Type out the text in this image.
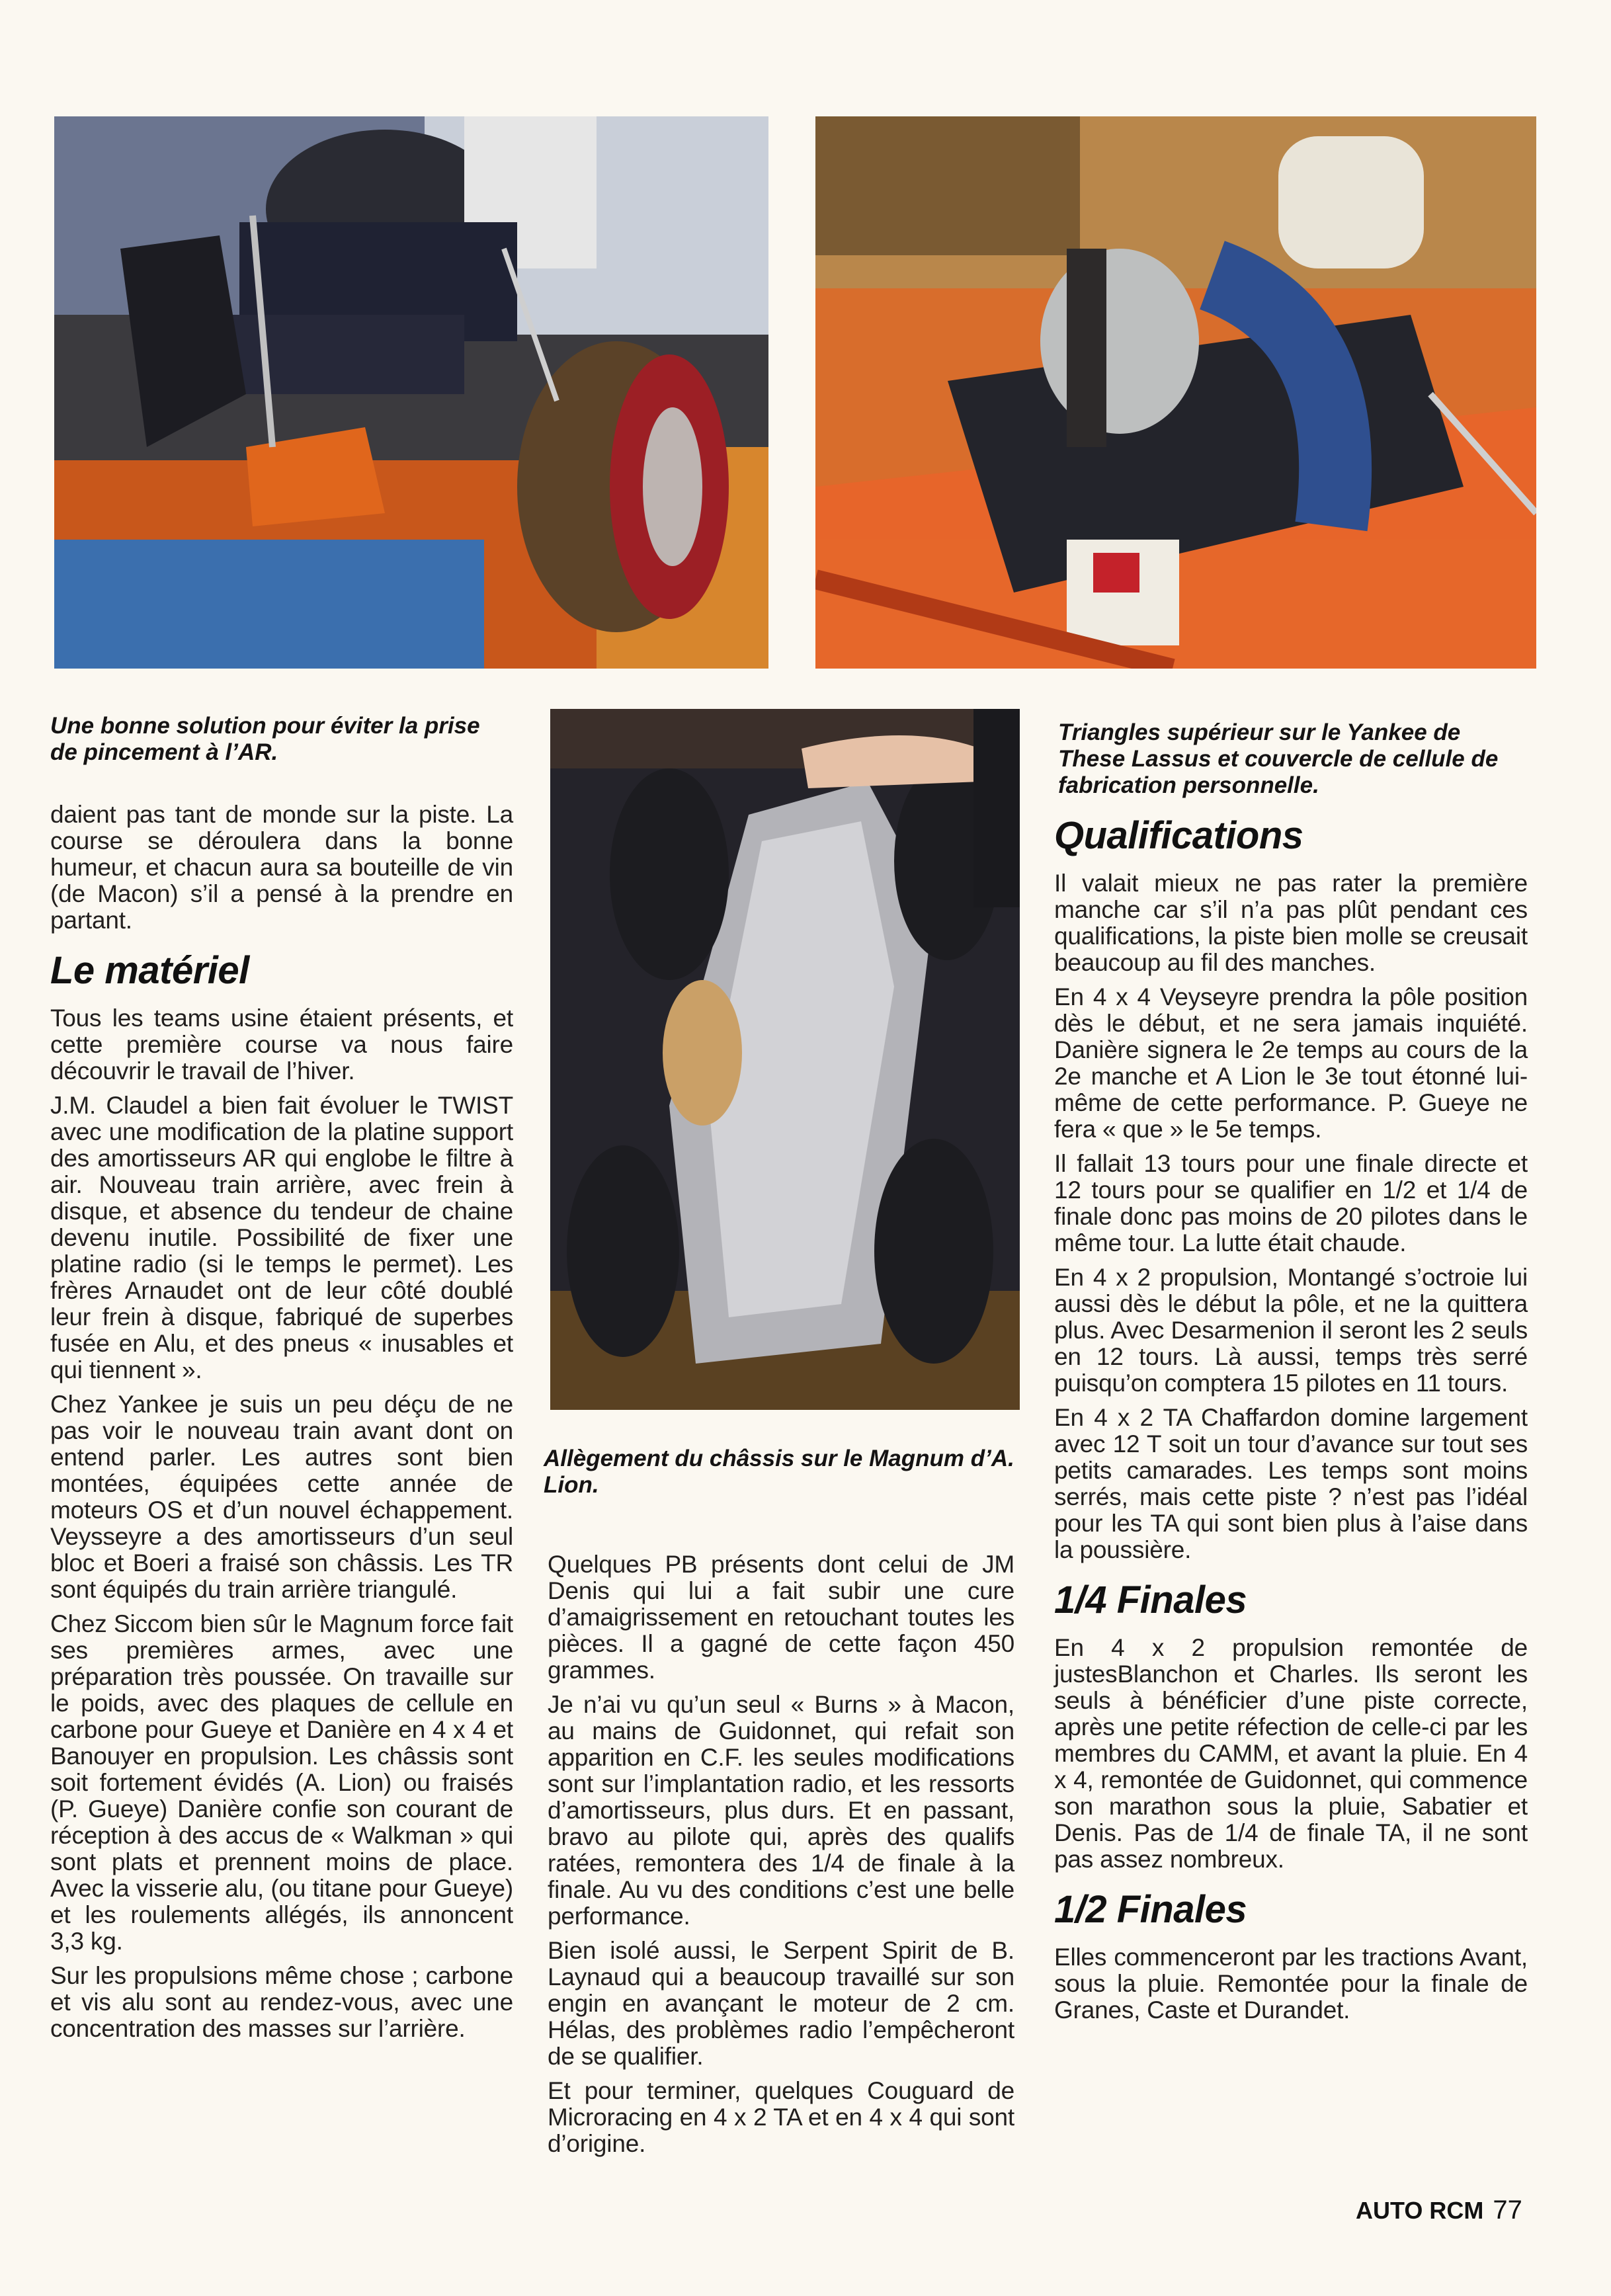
Une bonne solution pour éviter la prise de pincement à l’AR.

Triangles supérieur sur le Yankee de These Lassus et couvercle de cellule de fabrication personnelle.

Allègement du châssis sur le Magnum d’A. Lion.

daient pas tant de monde sur la piste. La course se déroulera dans la bonne humeur, et chacun aura sa bouteille de vin (de Macon) s’il a pensé à la prendre en partant.

Le matériel

Tous les teams usine étaient présents, et cette première course va nous faire découvrir le travail de l’hiver.

J.M. Claudel a bien fait évoluer le TWIST avec une modification de la platine support des amortisseurs AR qui englobe le filtre à air. Nouveau train arrière, avec frein à disque, et absence du tendeur de chaine devenu inutile. Possibilité de fixer une platine radio (si le temps le permet). Les frères Arnaudet ont de leur côté doublé leur frein à disque, fabriqué de superbes fusée en Alu, et des pneus « inusables et qui tiennent ».

Chez Yankee je suis un peu déçu de ne pas voir le nouveau train avant dont on entend parler. Les autres sont bien montées, équipées cette année de moteurs OS et d’un nouvel échappement. Veysseyre a des amortisseurs d’un seul bloc et Boeri a fraisé son châssis. Les TR sont équipés du train arrière triangulé.

Chez Siccom bien sûr le Magnum force fait ses premières armes, avec une préparation très poussée. On travaille sur le poids, avec des plaques de cellule en carbone pour Gueye et Danière en 4 x 4 et Banouyer en propulsion. Les châssis sont soit fortement évidés (A. Lion) ou fraisés (P. Gueye) Danière confie son courant de réception à des accus de « Walkman » qui sont plats et prennent moins de place. Avec la visserie alu, (ou titane pour Gueye) et les roulements allégés, ils annoncent 3,3 kg.

Sur les propulsions même chose ; carbone et vis alu sont au rendez-vous, avec une concentration des masses sur l’arrière.

Quelques PB présents dont celui de JM Denis qui lui a fait subir une cure d’amaigrissement en retouchant toutes les pièces. Il a gagné de cette façon 450 grammes.

Je n’ai vu qu’un seul « Burns » à Macon, au mains de Guidonnet, qui refait son apparition en C.F. les seules modifications sont sur l’implantation radio, et les ressorts d’amortisseurs, plus durs. Et en passant, bravo au pilote qui, après des qualifs ratées, remontera des 1/4 de finale à la finale. Au vu des conditions c’est une belle performance.

Bien isolé aussi, le Serpent Spirit de B. Laynaud qui a beaucoup travaillé sur son engin en avançant le moteur de 2 cm. Hélas, des problèmes radio l’empêcheront de se qualifier.

Et pour terminer, quelques Couguard de Microracing en 4 x 2 TA et en 4 x 4 qui sont d’origine.

Qualifications

Il valait mieux ne pas rater la première manche car s’il n’a pas plût pendant ces qualifications, la piste bien molle se creusait beaucoup au fil des manches.

En 4 x 4 Veyseyre prendra la pôle position dès le début, et ne sera jamais inquiété. Danière signera le 2e temps au cours de la 2e manche et A Lion le 3e tout étonné lui-même de cette performance. P. Gueye ne fera « que » le 5e temps.

Il fallait 13 tours pour une finale directe et 12 tours pour se qualifier en 1/2 et 1/4 de finale donc pas moins de 20 pilotes dans le même tour. La lutte était chaude.

En 4 x 2 propulsion, Montangé s’octroie lui aussi dès le début la pôle, et ne la quittera plus. Avec Desarmenion il seront les 2 seuls en 12 tours. Là aussi, temps très serré puisqu’on comptera 15 pilotes en 11 tours.

En 4 x 2 TA Chaffardon domine largement avec 12 T soit un tour d’avance sur tout ses petits camarades. Les temps sont moins serrés, mais cette piste ? n’est pas l’idéal pour les TA qui sont bien plus à l’aise dans la poussière.

1/4 Finales

En 4 x 2 propulsion remontée de justesBlanchon et Charles. Ils seront les seuls à bénéficier d’une piste correcte, après une petite réfection de celle-ci par les membres du CAMM, et avant la pluie. En 4 x 4, remontée de Guidonnet, qui commence son marathon sous la pluie, Sabatier et Denis. Pas de 1/4 de finale TA, il ne sont pas assez nombreux.

1/2 Finales

Elles commenceront par les tractions Avant, sous la pluie. Remontée pour la finale de Granes, Caste et Durandet.

AUTO RCM 77
